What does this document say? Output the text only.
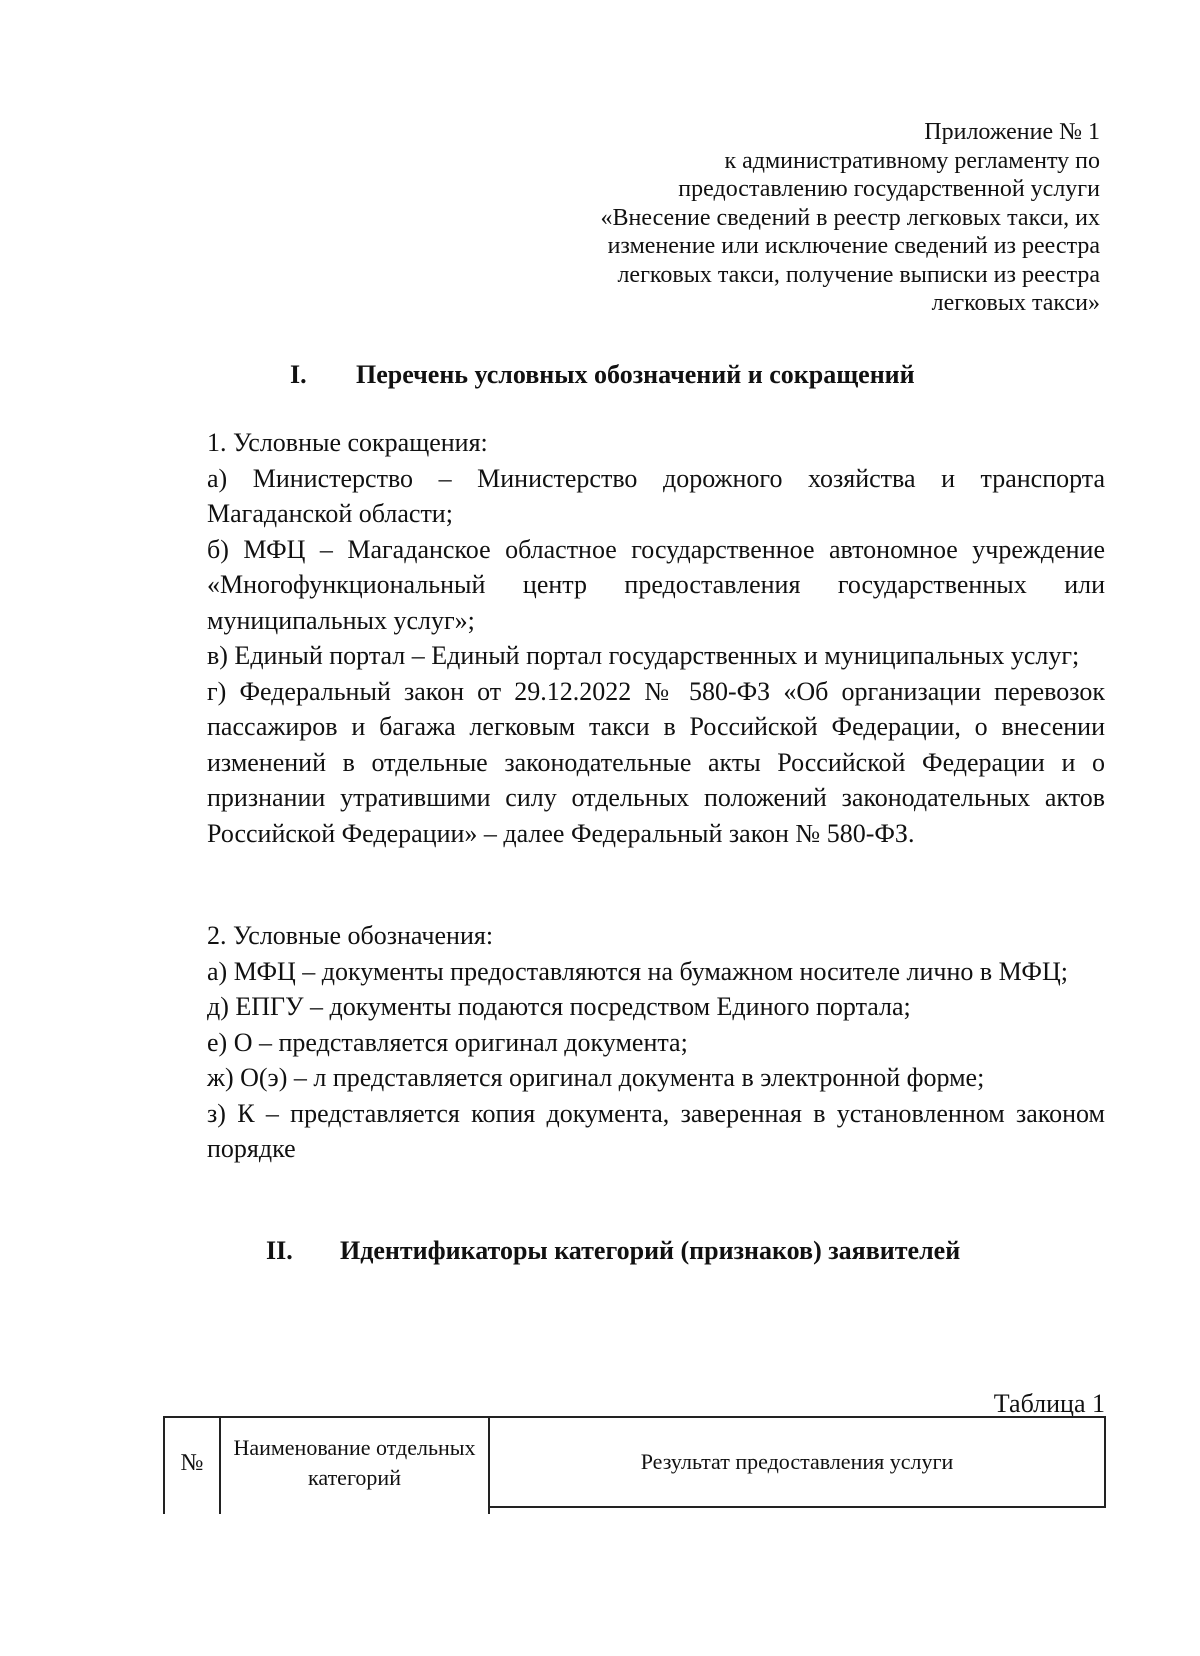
Приложение № 1
к административному регламенту по
предоставлению государственной услуги
«Внесение сведений в реестр легковых такси, их
изменение или исключение сведений из реестра
легковых такси, получение выписки из реестра
легковых такси»
I. Перечень условных обозначений и сокращений

1. Условные сокращения:

а) Министерство – Министерство дорожного хозяйства и транспорта Магаданской области;

б) МФЦ – Магаданское областное государственное автономное учреждение «Многофункциональный центр предоставления государственных или муниципальных услуг»;

в) Единый портал – Единый портал государственных и муниципальных услуг;

г) Федеральный закон от 29.12.2022 № 580-ФЗ «Об организации перевозок пассажиров и багажа легковым такси в Российской Федерации, о внесении изменений в отдельные законодательные акты Российской Федерации и о признании утратившими силу отдельных положений законодательных актов Российской Федерации» – далее Федеральный закон № 580-ФЗ.

2. Условные обозначения:

а) МФЦ – документы предоставляются на бумажном носителе лично в МФЦ;

д) ЕПГУ – документы подаются посредством Единого портала;

е) О – представляется оригинал документа;

ж) О(э) – л представляется оригинал документа в электронной форме;

з) К – представляется копия документа, заверенная в установленном законом порядке

II. Идентификаторы категорий (признаков) заявителей
Таблица 1
№	Наименование отдельных категорий	Результат предоставления услуги
